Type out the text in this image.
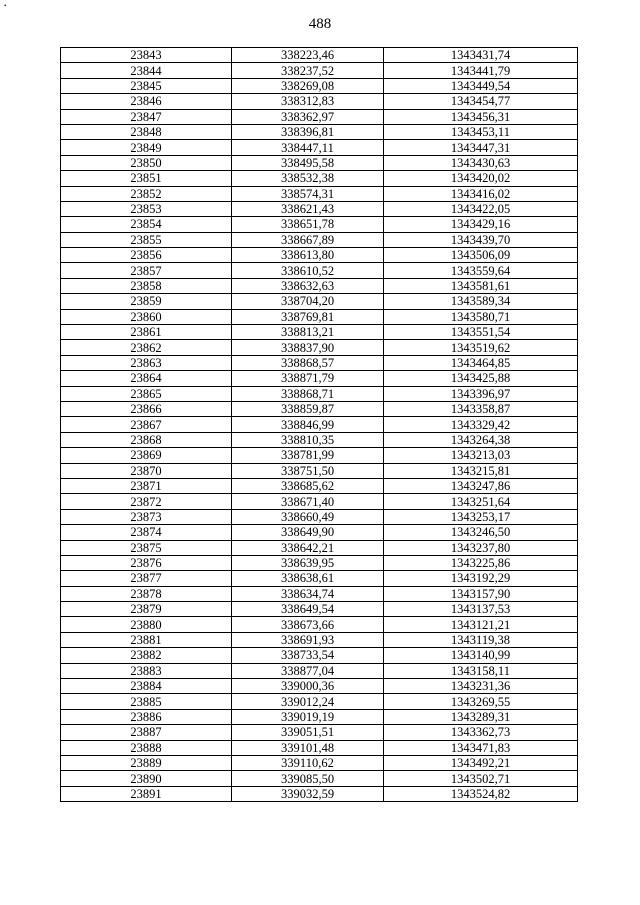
•
488
23843	338223,46	1343431,74
23844	338237,52	1343441,79
23845	338269,08	1343449,54
23846	338312,83	1343454,77
23847	338362,97	1343456,31
23848	338396,81	1343453,11
23849	338447,11	1343447,31
23850	338495,58	1343430,63
23851	338532,38	1343420,02
23852	338574,31	1343416,02
23853	338621,43	1343422,05
23854	338651,78	1343429,16
23855	338667,89	1343439,70
23856	338613,80	1343506,09
23857	338610,52	1343559,64
23858	338632,63	1343581,61
23859	338704,20	1343589,34
23860	338769,81	1343580,71
23861	338813,21	1343551,54
23862	338837,90	1343519,62
23863	338868,57	1343464,85
23864	338871,79	1343425,88
23865	338868,71	1343396,97
23866	338859,87	1343358,87
23867	338846,99	1343329,42
23868	338810,35	1343264,38
23869	338781,99	1343213,03
23870	338751,50	1343215,81
23871	338685,62	1343247,86
23872	338671,40	1343251,64
23873	338660,49	1343253,17
23874	338649,90	1343246,50
23875	338642,21	1343237,80
23876	338639,95	1343225,86
23877	338638,61	1343192,29
23878	338634,74	1343157,90
23879	338649,54	1343137,53
23880	338673,66	1343121,21
23881	338691,93	1343119,38
23882	338733,54	1343140,99
23883	338877,04	1343158,11
23884	339000,36	1343231,36
23885	339012,24	1343269,55
23886	339019,19	1343289,31
23887	339051,51	1343362,73
23888	339101,48	1343471,83
23889	339110,62	1343492,21
23890	339085,50	1343502,71
23891	339032,59	1343524,82
